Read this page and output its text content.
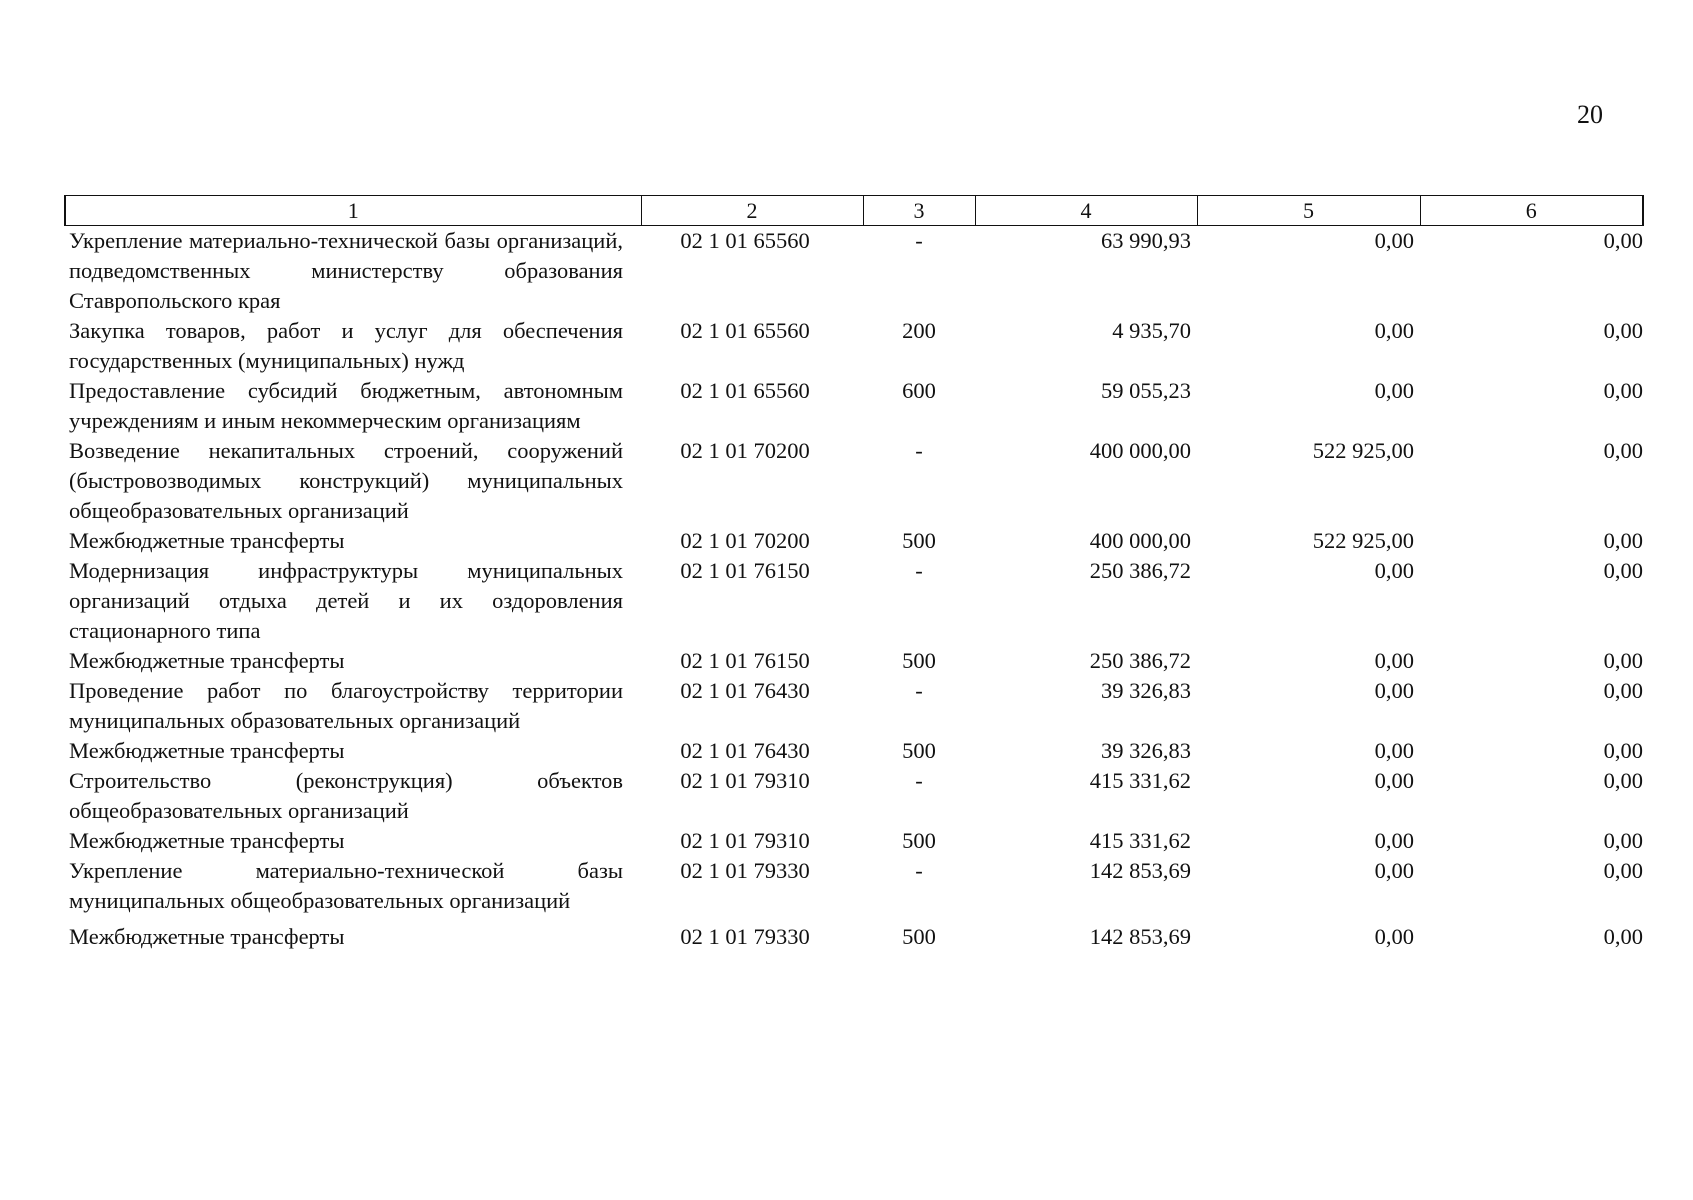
20
1	2	3	4	5	6
Укрепление материально-технической базы организаций, подведомственных министерству образования Ставропольского края	02 1 01 65560	-	63 990,93	0,00	0,00
Закупка товаров, работ и услуг для обеспечения государственных (муниципальных) нужд	02 1 01 65560	200	4 935,70	0,00	0,00
Предоставление субсидий бюджетным, автономным учреждениям и иным некоммерческим организациям	02 1 01 65560	600	59 055,23	0,00	0,00
Возведение некапитальных строений, сооружений (быстровозводимых конструкций) муниципальных общеобразовательных организаций	02 1 01 70200	-	400 000,00	522 925,00	0,00
Межбюджетные трансферты	02 1 01 70200	500	400 000,00	522 925,00	0,00
Модернизация инфраструктуры муниципальных организаций отдыха детей и их оздоровления стационарного типа	02 1 01 76150	-	250 386,72	0,00	0,00
Межбюджетные трансферты	02 1 01 76150	500	250 386,72	0,00	0,00
Проведение работ по благоустройству территории муниципальных образовательных организаций	02 1 01 76430	-	39 326,83	0,00	0,00
Межбюджетные трансферты	02 1 01 76430	500	39 326,83	0,00	0,00
Строительство (реконструкция) объектов общеобразовательных организаций	02 1 01 79310	-	415 331,62	0,00	0,00
Межбюджетные трансферты	02 1 01 79310	500	415 331,62	0,00	0,00
Укрепление материально-технической базы муниципальных общеобразовательных организаций	02 1 01 79330	-	142 853,69	0,00	0,00
Межбюджетные трансферты	02 1 01 79330	500	142 853,69	0,00	0,00
